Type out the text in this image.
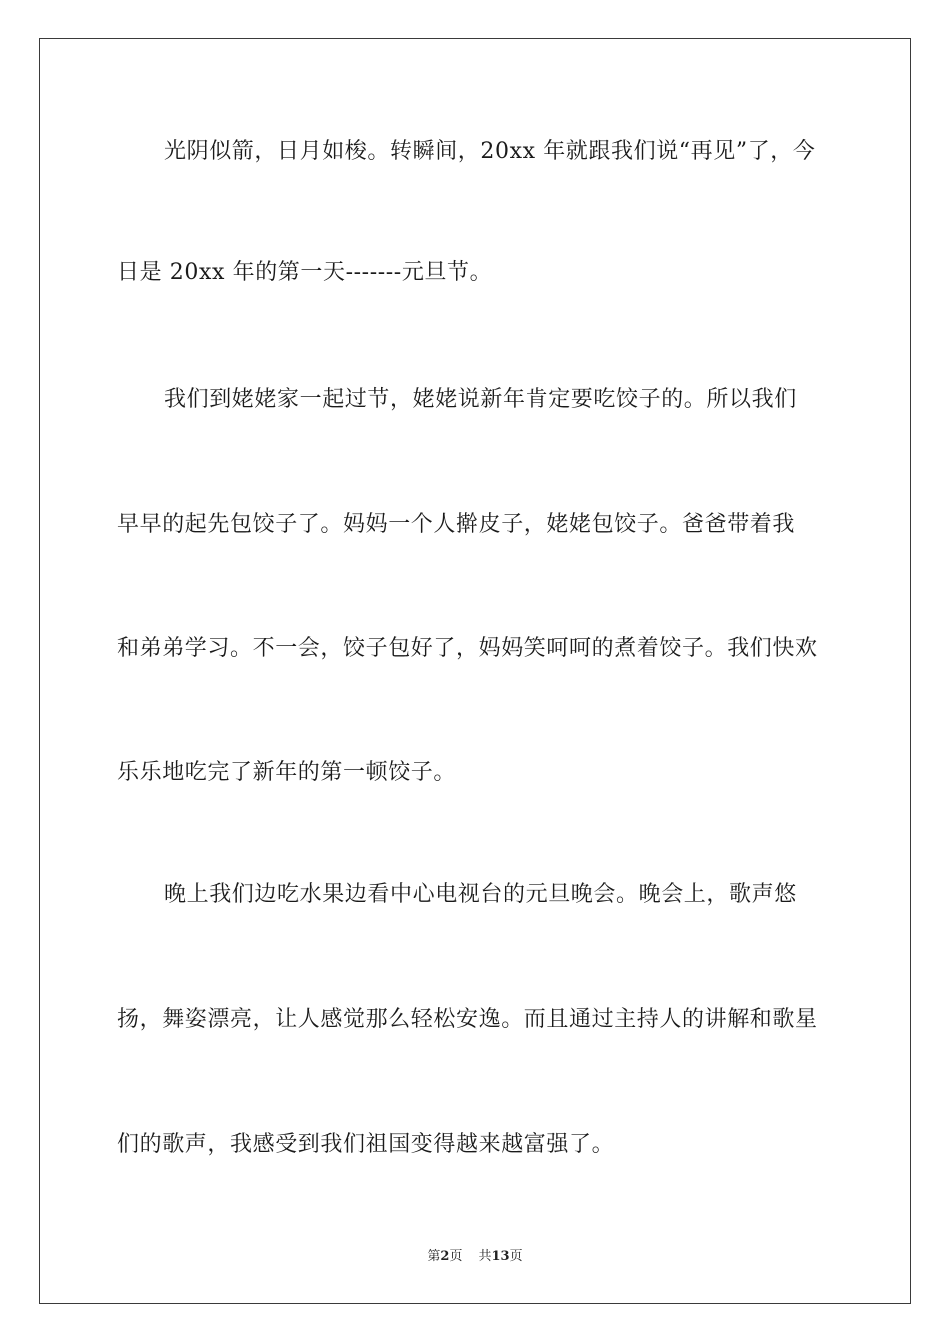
光阴似箭，日月如梭。转瞬间，20xx 年就跟我们说“再见”了，今
日是 20xx 年的第一天-------元旦节。
我们到姥姥家一起过节，姥姥说新年肯定要吃饺子的。所以我们
早早的起先包饺子了。妈妈一个人擀皮子，姥姥包饺子。爸爸带着我
和弟弟学习。不一会，饺子包好了，妈妈笑呵呵的煮着饺子。我们快欢
乐乐地吃完了新年的第一顿饺子。
晚上我们边吃水果边看中心电视台的元旦晚会。晚会上，歌声悠
扬，舞姿漂亮，让人感觉那么轻松安逸。而且通过主持人的讲解和歌星
们的歌声，我感受到我们祖国变得越来越富强了。
第2页 共13页
